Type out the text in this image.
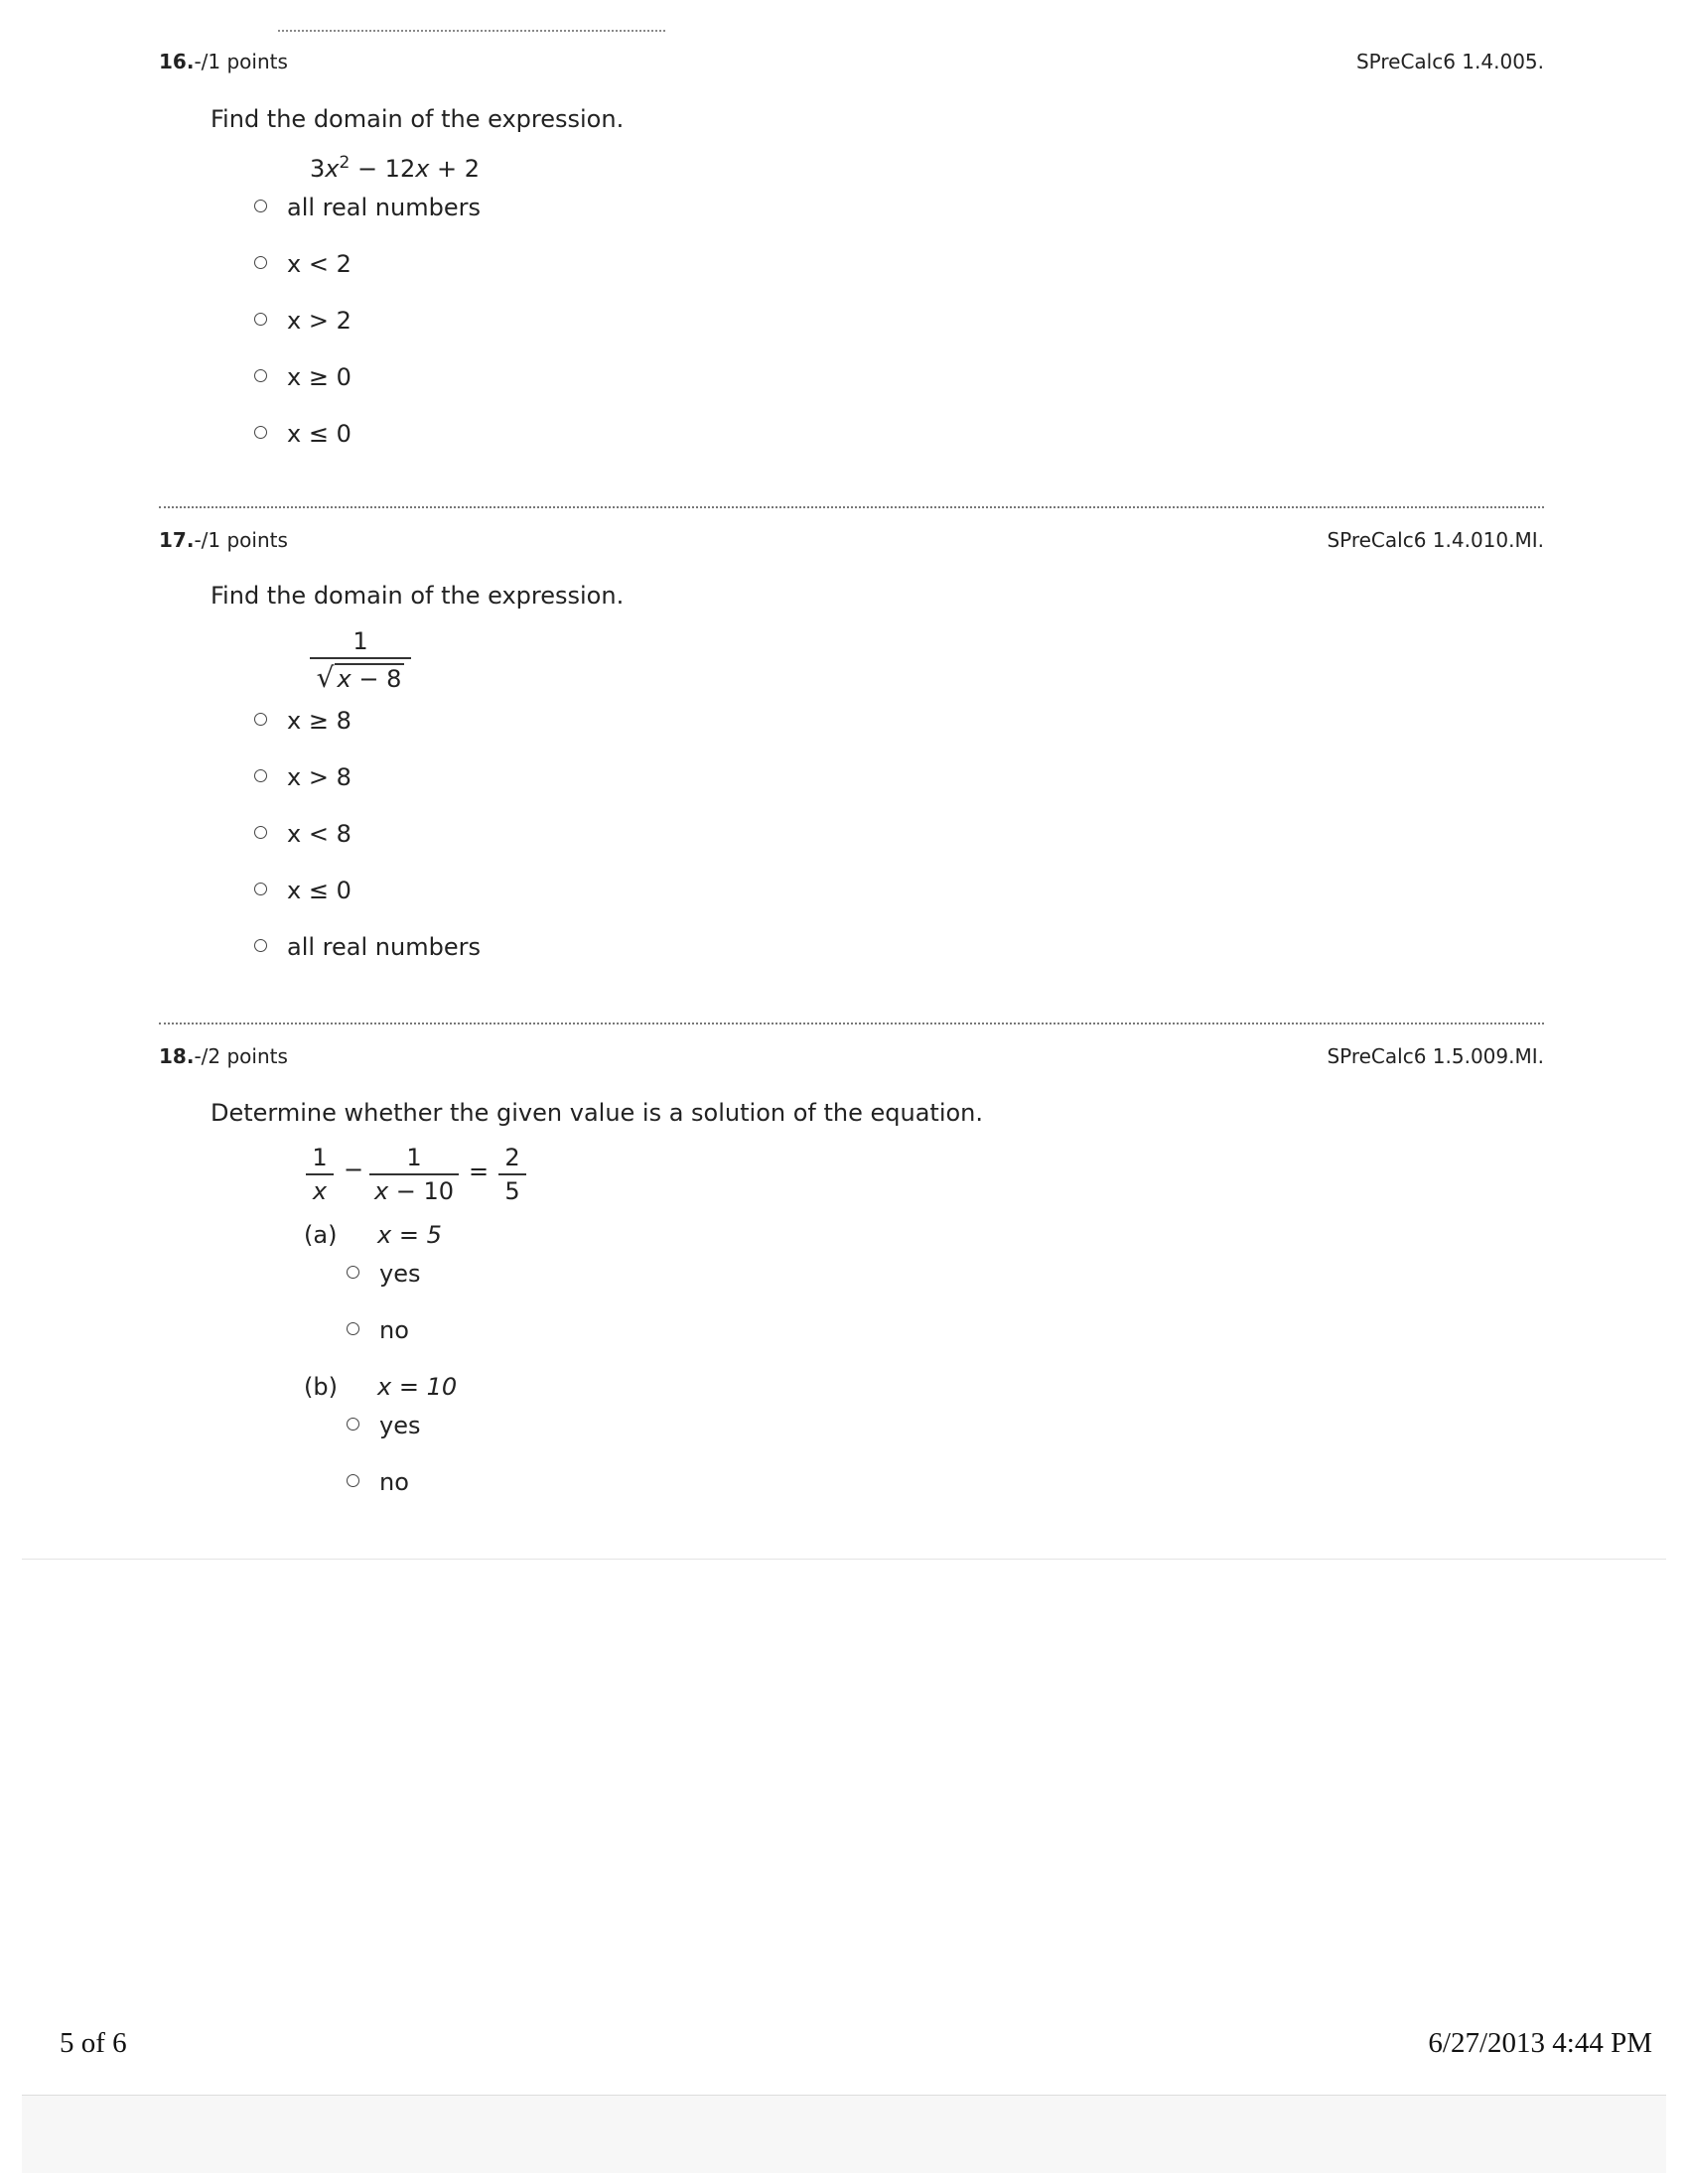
16.-/1 points	SPreCalc6 1.4.005.
Find the domain of the expression.
$3x^2 - 12x + 2$
all real numbers
x < 2
x > 2
x ≥ 0
x ≤ 0
17.-/1 points	SPreCalc6 1.4.010.MI.
Find the domain of the expression.
$\frac{1}{√ x - 8}$
x ≥ 8
x > 8
x < 8
x ≤ 0
all real numbers
18.-/2 points	SPreCalc6 1.5.009.MI.
Determine whether the given value is a solution of the equation.
$\frac{1}{x} - \frac{1}{x - 10} = \frac{2}{5}$
(a) x = 5
yes
no
(b) x = 10
yes
no
5 of 6	6/27/2013 4:44 PM
